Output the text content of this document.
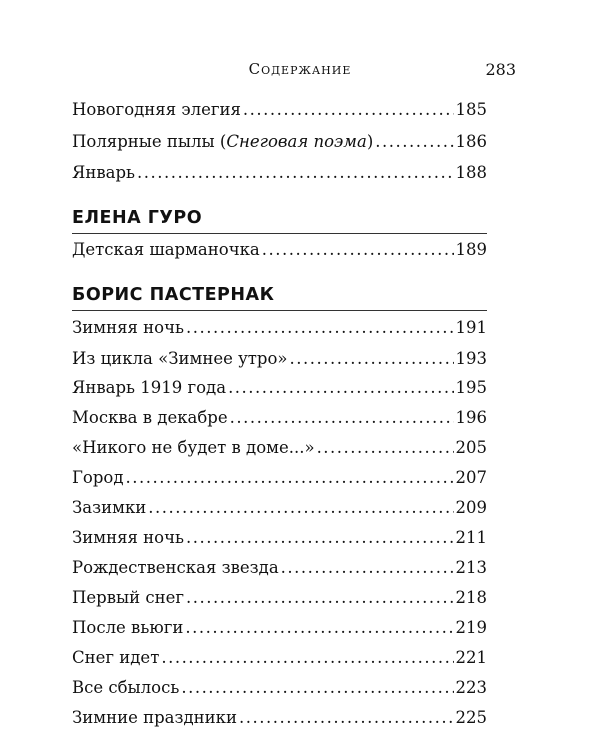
Содержание	283
Новогодняя элегия .....	185
Полярные пылы (Снеговая поэма) .....	186
Январь .....	188
ЕЛЕНА ГУРО
Детская шарманочка .....	189
БОРИС ПАСТЕРНАК
Зимняя ночь .....	191
Из цикла «Зимнее утро» .....	193
Январь 1919 года .....	195
Москва в декабре .....	196
«Никого не будет в доме...» .....	205
Город .....	207
Зазимки .....	209
Зимняя ночь .....	211
Рождественская звезда .....	213
Первый снег .....	218
После вьюги .....	219
Снег идет .....	221
Все сбылось .....	223
Зимние праздники .....	225
